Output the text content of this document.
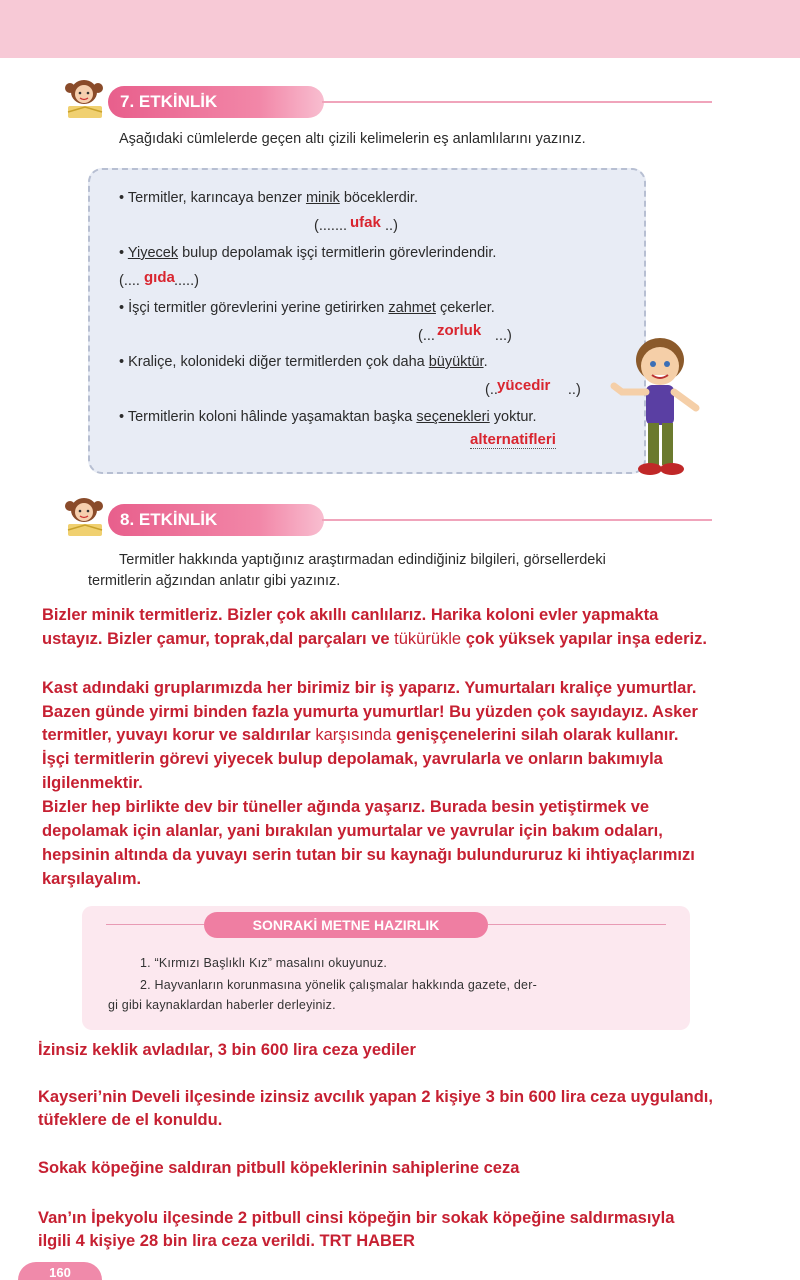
7. ETKİNLİK
Aşağıdaki cümlelerde geçen altı çizili kelimelerin eş anlamlılarını yazınız.
• Termitler, karıncaya benzer minik böceklerdir.
(.......	..)
ufak
• Yiyecek bulup depolamak işçi termitlerin görevlerindendir.
(.... .....)
gıda
• İşçi termitler görevlerini yerine getirirken zahmet çekerler.
(...	...)
zorluk
• Kraliçe, kolonideki diğer termitlerden çok daha büyüktür.
(..	..)
yücedir
• Termitlerin koloni hâlinde yaşamaktan başka seçenekleri yoktur.
alternatifleri
8. ETKİNLİK
Termitler hakkında yaptığınız araştırmadan edindiğiniz bilgileri, görsellerdeki
termitlerin ağzından anlatır gibi yazınız.
Bizler minik termitleriz. Bizler çok akıllı canlılarız. Harika koloni evler yapmakta
ustayız. Bizler çamur, toprak,dal parçaları ve tükürükle çok yüksek yapılar inşa ederiz.
Kast adındaki gruplarımızda her birimiz bir iş yaparız. Yumurtaları kraliçe yumurtlar.
Bazen günde yirmi binden fazla yumurta yumurtlar! Bu yüzden çok sayıdayız. Asker
termitler, yuvayı korur ve saldırılar karşısında genişçenelerini silah olarak kullanır.
İşçi termitlerin görevi yiyecek bulup depolamak, yavrularla ve onların bakımıyla
ilgilenmektir.
Bizler hep birlikte dev bir tüneller ağında yaşarız. Burada besin yetiştirmek ve
depolamak için alanlar, yani bırakılan yumurtalar ve yavrular için bakım odaları,
hepsinin altında da yuvayı serin tutan bir su kaynağı bulundururuz ki ihtiyaçlarımızı
karşılayalım.
SONRAKİ METNE HAZIRLIK
1. “Kırmızı Başlıklı Kız” masalını okuyunuz.
2. Hayvanların korunmasına yönelik çalışmalar hakkında gazete, der-
gi gibi kaynaklardan haberler derleyiniz.
İzinsiz keklik avladılar, 3 bin 600 lira ceza yediler
Kayseri’nin Develi ilçesinde izinsiz avcılık yapan 2 kişiye 3 bin 600 lira ceza uygulandı,
tüfeklere de el konuldu.
Sokak köpeğine saldıran pitbull köpeklerinin sahiplerine ceza
Van’ın İpekyolu ilçesinde 2 pitbull cinsi köpeğin bir sokak köpeğine saldırmasıyla
ilgili 4 kişiye 28 bin lira ceza verildi. TRT HABER
160
